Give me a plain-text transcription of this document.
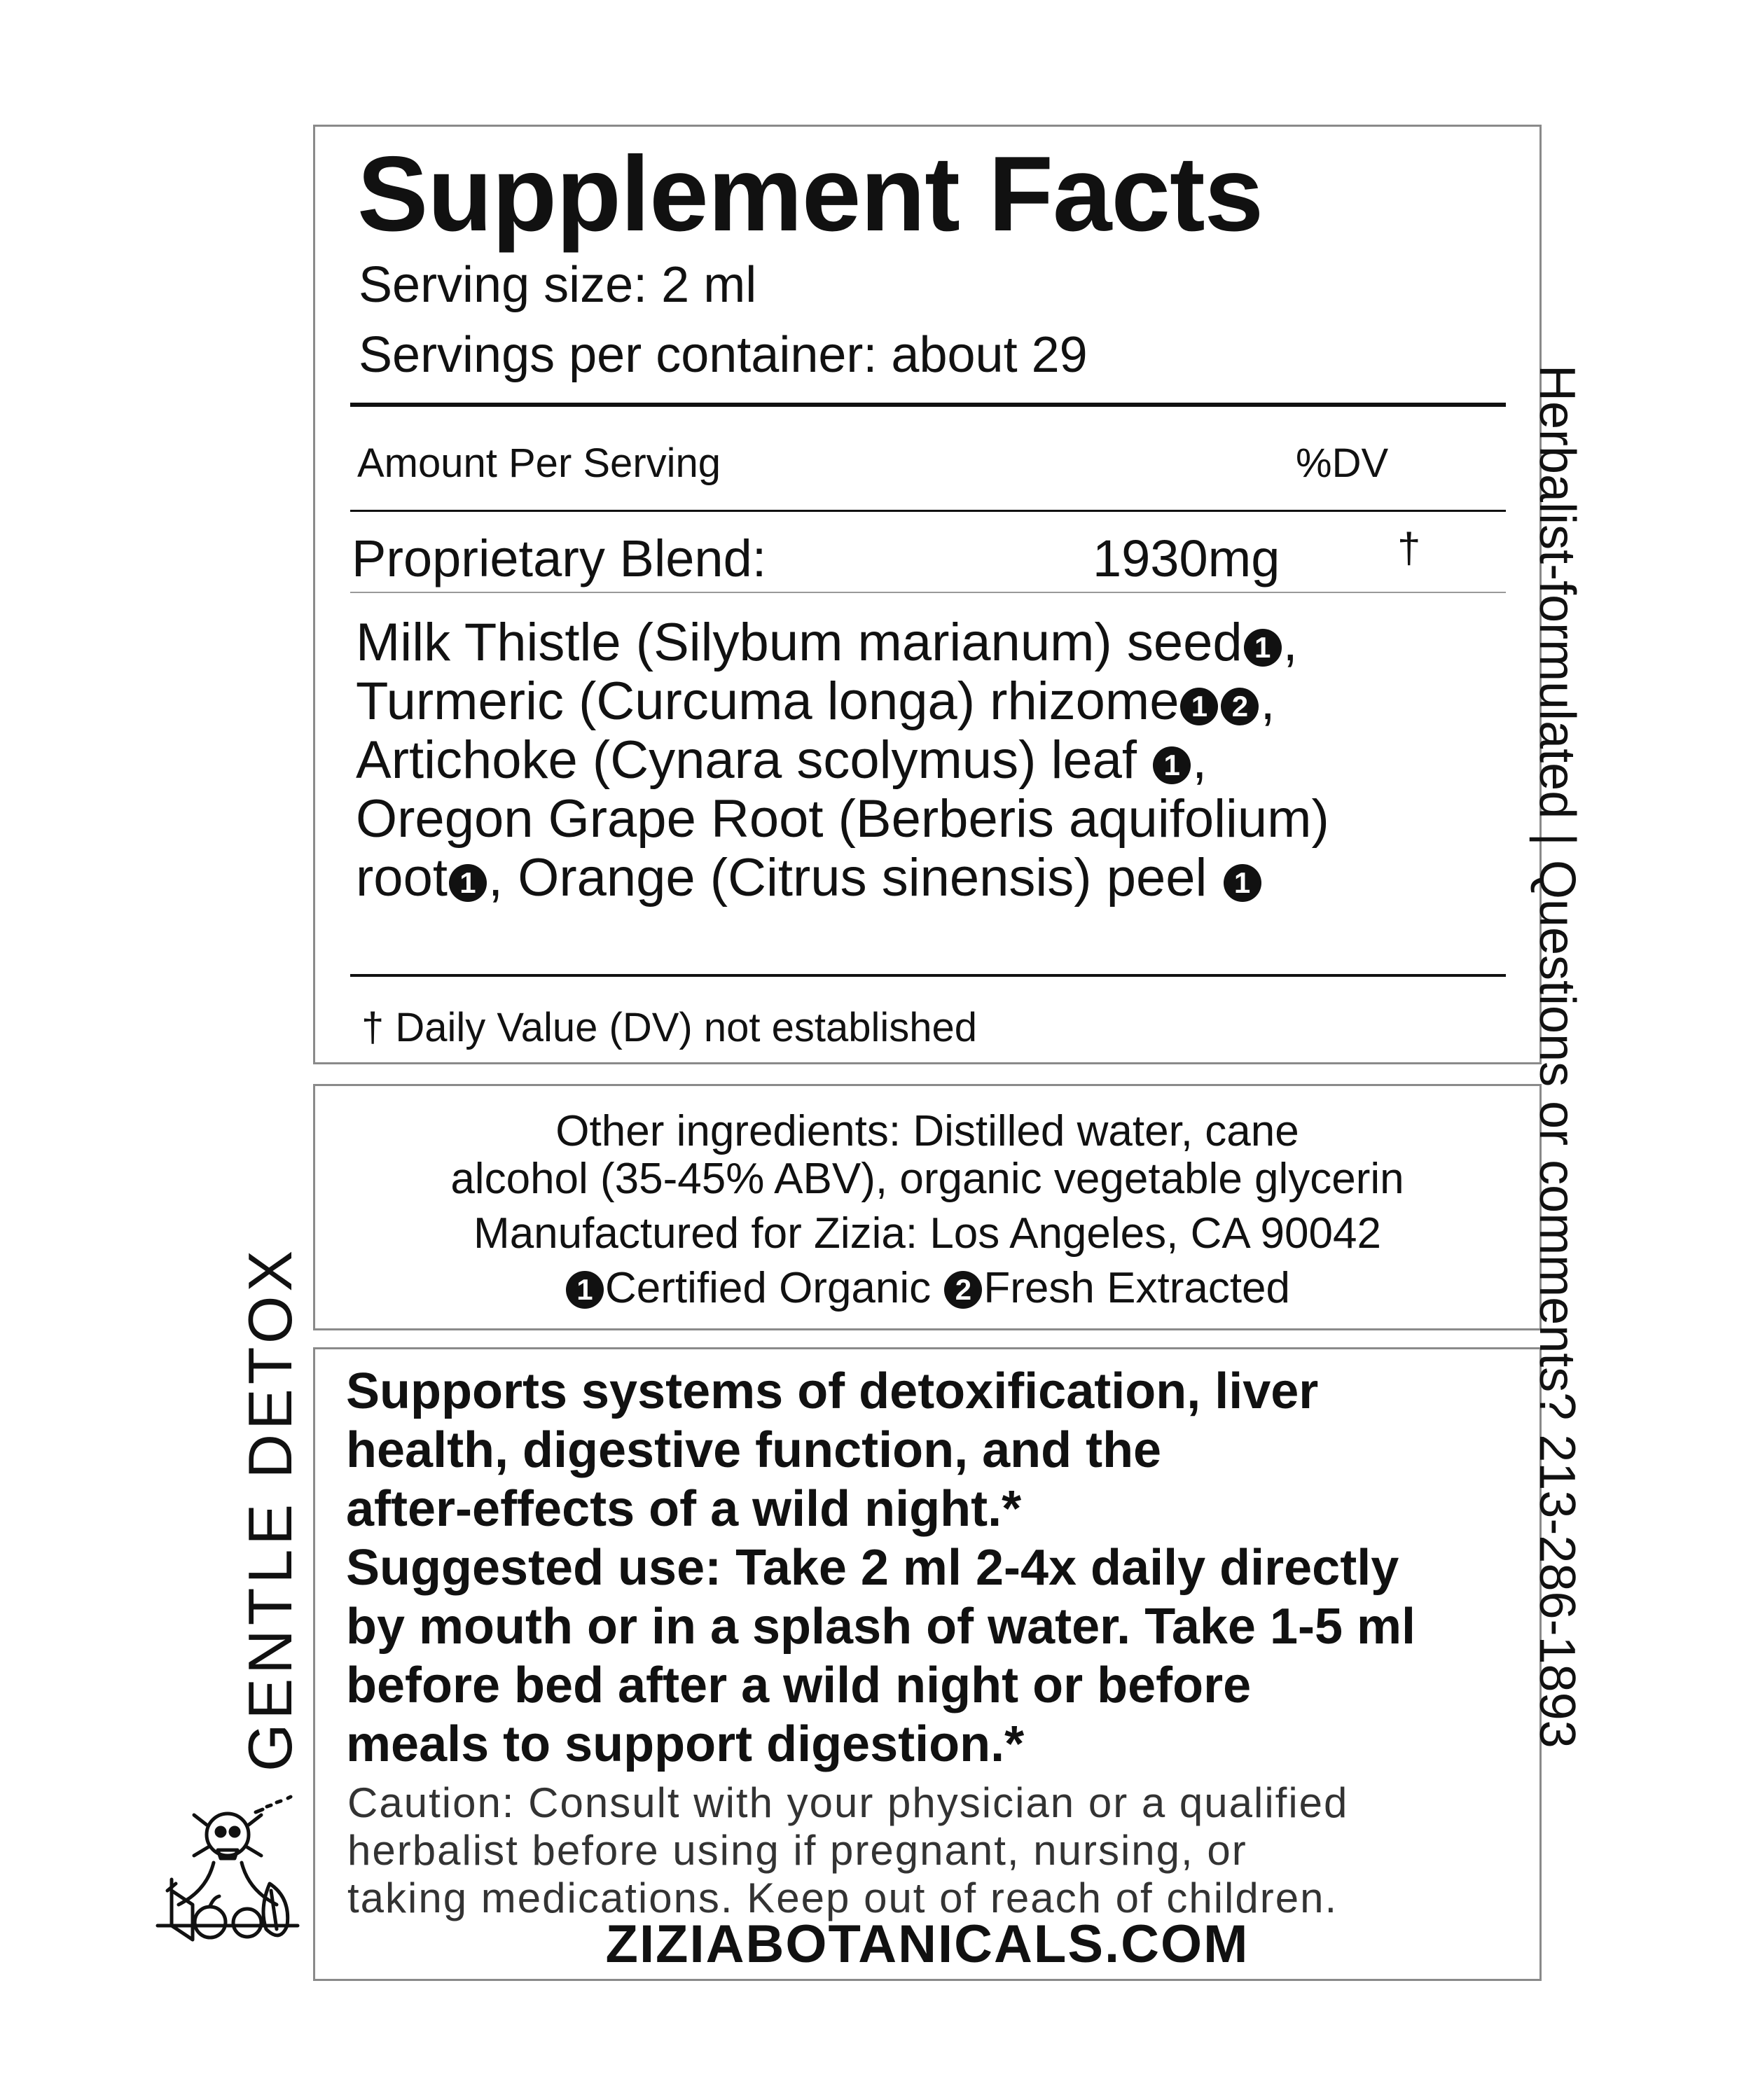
Supplement Facts
Serving size: 2 ml
Servings per container: about 29
Amount Per Serving	%DV
Proprietary Blend:	1930mg	†
Milk Thistle (Silybum marianum) seed 1 ,
Turmeric (Curcuma longa) rhizome 1 2 ,
Artichoke (Cynara scolymus) leaf 1 ,
Oregon Grape Root (Berberis aquifolium)
root 1 , Orange (Citrus sinensis) peel 1
† Daily Value (DV) not established
Other ingredients: Distilled water, cane
alcohol (35-45% ABV), organic vegetable glycerin
Manufactured for Zizia: Los Angeles, CA 90042
1 Certified Organic 2 Fresh Extracted
Supports systems of detoxification, liver
health, digestive function, and the
after-effects of a wild night.*
Suggested use: Take 2 ml 2-4x daily directly
by mouth or in a splash of water. Take 1-5 ml
before bed after a wild night or before
meals to support digestion.*
Caution: Consult with your physician or a qualified
herbalist before using if pregnant, nursing, or
taking medications. Keep out of reach of children.
ZIZIABOTANICALS.COM
Herbalist-formulated | Questions or comments? 213-286-1893
GENTLE DETOX
